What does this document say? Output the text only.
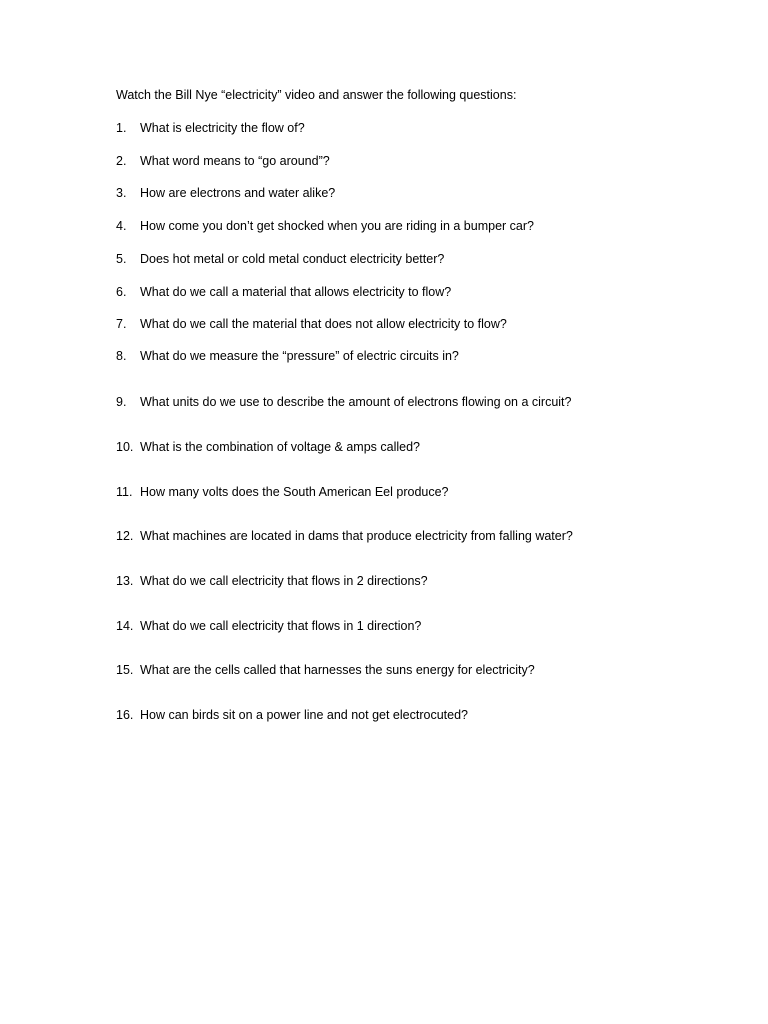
Watch the Bill Nye “electricity” video and answer the following questions:
1. What is electricity the flow of?
2. What word means to “go around”?
3. How are electrons and water alike?
4. How come you don’t get shocked when you are riding in a bumper car?
5. Does hot metal or cold metal conduct electricity better?
6. What do we call a material that allows electricity to flow?
7. What do we call the material that does not allow electricity to flow?
8. What do we measure the “pressure” of electric circuits in?
9. What units do we use to describe the amount of electrons flowing on a circuit?
10. What is the combination of voltage & amps called?
11. How many volts does the South American Eel produce?
12. What machines are located in dams that produce electricity from falling water?
13. What do we call electricity that flows in 2 directions?
14. What do we call electricity that flows in 1 direction?
15. What are the cells called that harnesses the suns energy for electricity?
16. How can birds sit on a power line and not get electrocuted?
